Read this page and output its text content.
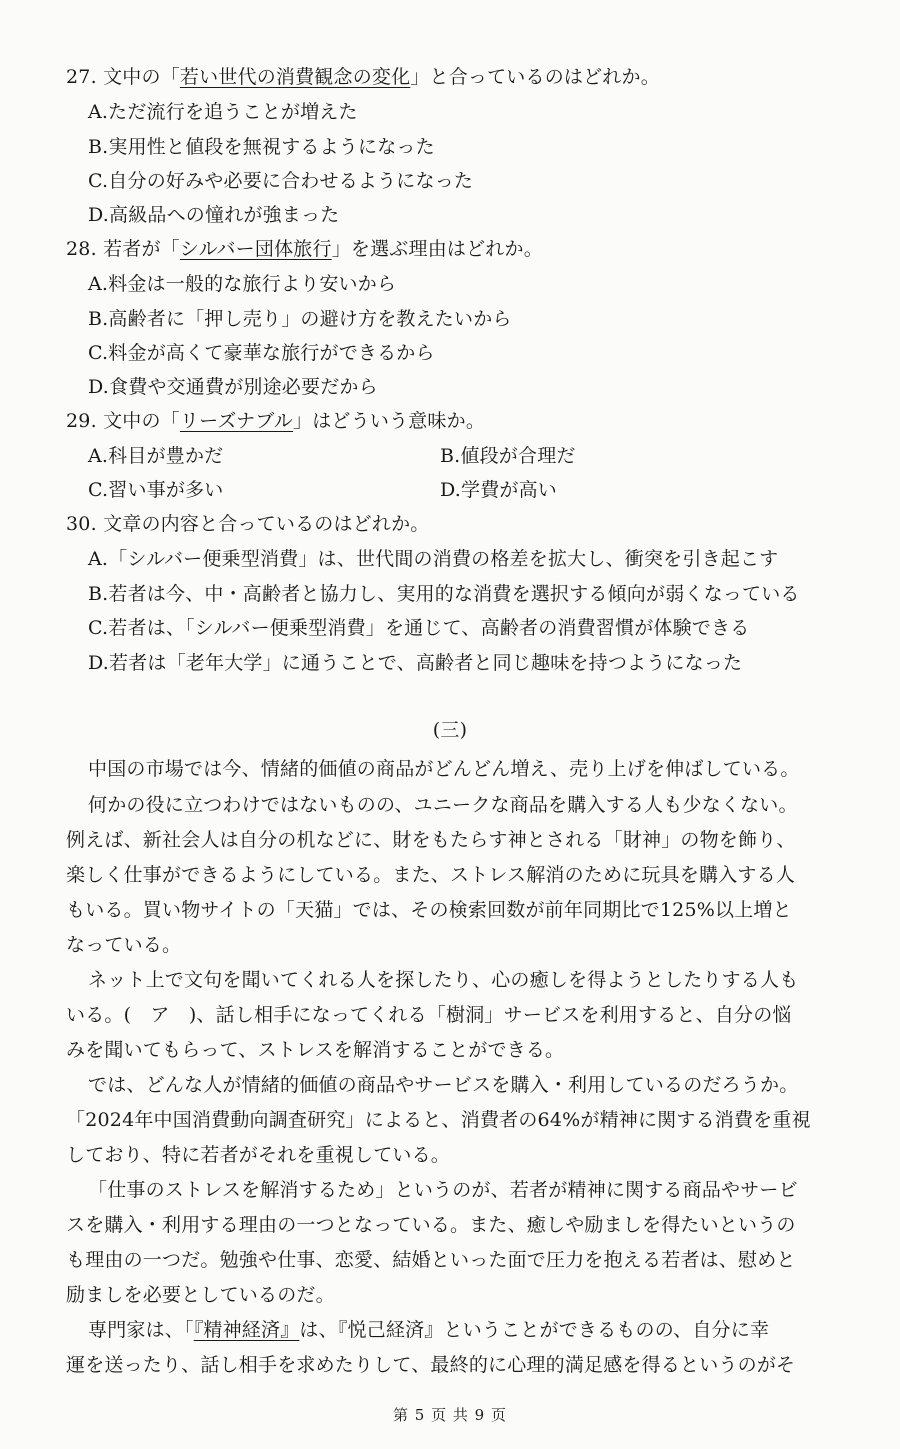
27. 文中の「若い世代の消費観念の変化」と合っているのはどれか。
A.ただ流行を追うことが増えた
B.実用性と値段を無視するようになった
C.自分の好みや必要に合わせるようになった
D.高級品への憧れが強まった
28. 若者が「シルバー団体旅行」を選ぶ理由はどれか。
A.料金は一般的な旅行より安いから
B.高齢者に「押し売り」の避け方を教えたいから
C.料金が高くて豪華な旅行ができるから
D.食費や交通費が別途必要だから
29. 文中の「リーズナブル」はどういう意味か。
A.科目が豊かだ	B.値段が合理だ
C.習い事が多い	D.学費が高い
30. 文章の内容と合っているのはどれか。
A.「シルバー便乗型消費」は、世代間の消費の格差を拡大し、衝突を引き起こす
B.若者は今、中・高齢者と協力し、実用的な消費を選択する傾向が弱くなっている
C.若者は、「シルバー便乗型消費」を通じて、高齢者の消費習慣が体験できる
D.若者は「老年大学」に通うことで、高齢者と同じ趣味を持つようになった
(三)
中国の市場では今、情緒的価値の商品がどんどん増え、売り上げを伸ばしている。
何かの役に立つわけではないものの、ユニークな商品を購入する人も少なくない。
例えば、新社会人は自分の机などに、財をもたらす神とされる「財神」の物を飾り、
楽しく仕事ができるようにしている。また、ストレス解消のために玩具を購入する人
もいる。買い物サイトの「天猫」では、その検索回数が前年同期比で125%以上増と
なっている。
ネット上で文句を聞いてくれる人を探したり、心の癒しを得ようとしたりする人も
いる。(　ア　)、話し相手になってくれる「樹洞」サービスを利用すると、自分の悩
みを聞いてもらって、ストレスを解消することができる。
では、どんな人が情緒的価値の商品やサービスを購入・利用しているのだろうか。
「2024年中国消費動向調査研究」によると、消費者の64%が精神に関する消費を重視
しており、特に若者がそれを重視している。
「仕事のストレスを解消するため」というのが、若者が精神に関する商品やサービ
スを購入・利用する理由の一つとなっている。また、癒しや励ましを得たいというの
も理由の一つだ。勉強や仕事、恋愛、結婚といった面で圧力を抱える若者は、慰めと
励ましを必要としているのだ。
専門家は、「『精神経済』は、『悦己経済』ということができるものの、自分に幸
運を送ったり、話し相手を求めたりして、最終的に心理的満足感を得るというのがそ
第 5 页 共 9 页
